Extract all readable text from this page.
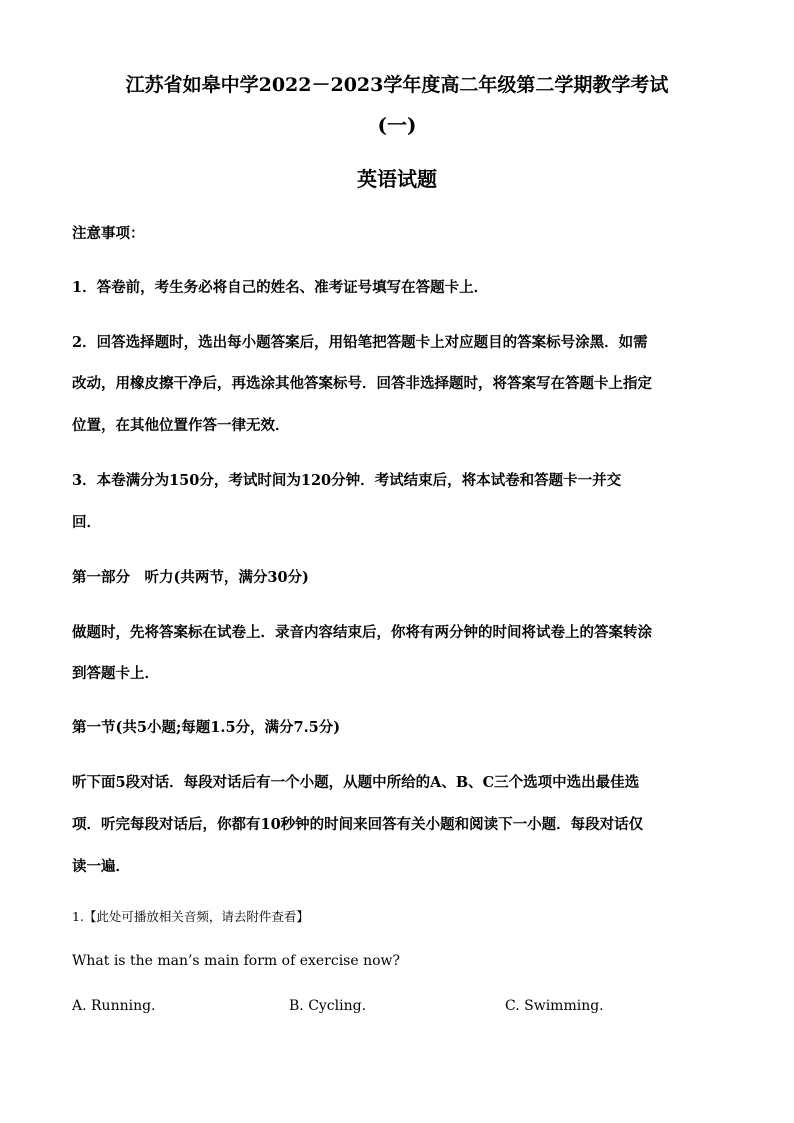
江苏省如皋中学2022－2023学年度高二年级第二学期教学考试
(一)
英语试题
注意事项：
1．答卷前，考生务必将自己的姓名、准考证号填写在答题卡上．
2．回答选择题时，选出每小题答案后，用铅笔把答题卡上对应题目的答案标号涂黑．如需
改动，用橡皮擦干净后，再选涂其他答案标号．回答非选择题时，将答案写在答题卡上指定
位置，在其他位置作答一律无效．
3．本卷满分为150分，考试时间为120分钟．考试结束后，将本试卷和答题卡一并交
回．
第一部分　听力(共两节，满分30分)
做题时，先将答案标在试卷上．录音内容结束后，你将有两分钟的时间将试卷上的答案转涂
到答题卡上．
第一节(共5小题;每题1.5分，满分7.5分)
听下面5段对话．每段对话后有一个小题，从题中所给的A、B、C三个选项中选出最佳选
项．听完每段对话后，你都有10秒钟的时间来回答有关小题和阅读下一小题．每段对话仅
读一遍．
1.【此处可播放相关音频，请去附件查看】
What is the man’s main form of exercise now?
A. Running.	B. Cycling.	C. Swimming.
